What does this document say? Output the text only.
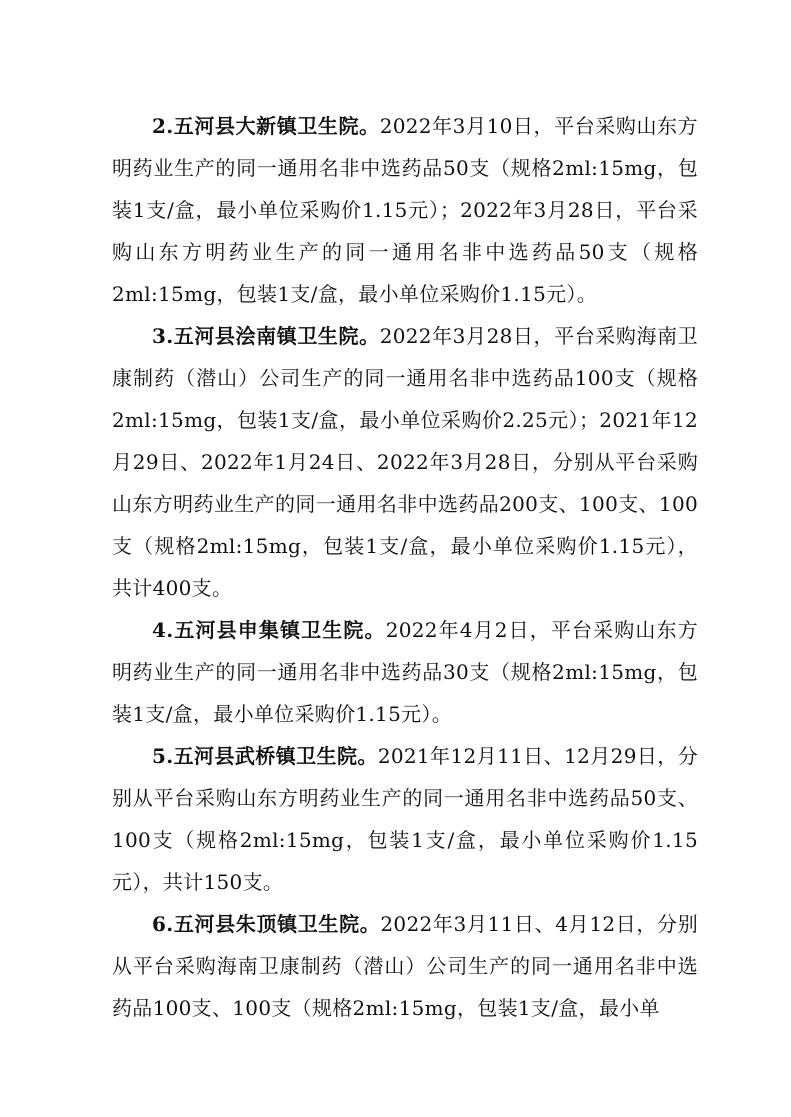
2.五河县大新镇卫生院。2022年3月10日，平台采购山东方明药业生产的同一通用名非中选药品50支（规格2ml:15mg，包装1支/盒，最小单位采购价1.15元）；2022年3月28日，平台采购山东方明药业生产的同一通用名非中选药品50支（规格2ml:15mg，包装1支/盒，最小单位采购价1.15元）。

3.五河县浍南镇卫生院。2022年3月28日，平台采购海南卫康制药（潜山）公司生产的同一通用名非中选药品100支（规格2ml:15mg，包装1支/盒，最小单位采购价2.25元）；2021年12月29日、2022年1月24日、2022年3月28日，分别从平台采购山东方明药业生产的同一通用名非中选药品200支、100支、100支（规格2ml:15mg，包装1支/盒，最小单位采购价1.15元），共计400支。

4.五河县申集镇卫生院。2022年4月2日，平台采购山东方明药业生产的同一通用名非中选药品30支（规格2ml:15mg，包装1支/盒，最小单位采购价1.15元）。

5.五河县武桥镇卫生院。2021年12月11日、12月29日，分别从平台采购山东方明药业生产的同一通用名非中选药品50支、100支（规格2ml:15mg，包装1支/盒，最小单位采购价1.15元），共计150支。

6.五河县朱顶镇卫生院。2022年3月11日、4月12日，分别从平台采购海南卫康制药（潜山）公司生产的同一通用名非中选药品100支、100支（规格2ml:15mg，包装1支/盒，最小单
